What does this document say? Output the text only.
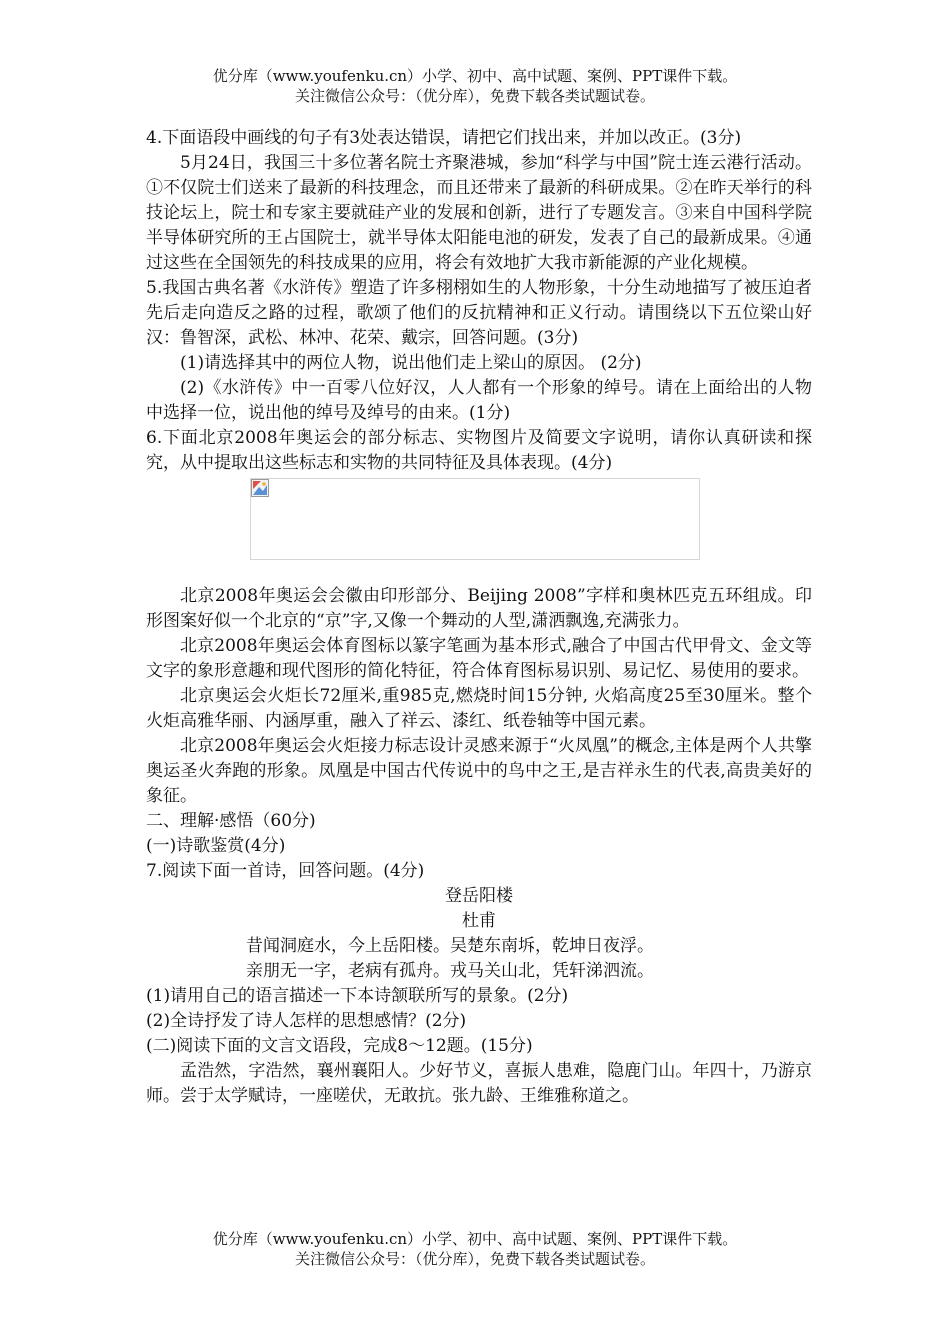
优分库（www.youfenku.cn）小学、初中、高中试题、案例、PPT课件下载。
关注微信公众号：（优分库），免费下载各类试题试卷。

4.下面语段中画线的句子有3处表达错误，请把它们找出来，并加以改正。(3分)

5月24日，我国三十多位著名院士齐聚港城，参加“科学与中国”院士连云港行活动。①不仅院士们送来了最新的科技理念，而且还带来了最新的科研成果。②在昨天举行的科技论坛上，院士和专家主要就硅产业的发展和创新，进行了专题发言。③来自中国科学院半导体研究所的王占国院士，就半导体太阳能电池的研发，发表了自己的最新成果。④通过这些在全国领先的科技成果的应用，将会有效地扩大我市新能源的产业化规模。

5.我国古典名著《水浒传》塑造了许多栩栩如生的人物形象，十分生动地描写了被压迫者先后走向造反之路的过程，歌颂了他们的反抗精神和正义行动。请围绕以下五位梁山好汉：鲁智深，武松、林冲、花荣、戴宗，回答问题。(3分)

(1)请选择其中的两位人物，说出他们走上梁山的原因。 (2分)

(2)《水浒传》中一百零八位好汉，人人都有一个形象的绰号。请在上面给出的人物中选择一位，说出他的绰号及绰号的由来。(1分)

6.下面北京2008年奥运会的部分标志、实物图片及简要文字说明，请你认真研读和探究，从中提取出这些标志和实物的共同特征及具体表现。(4分)

北京2008年奥运会会徽由印形部分、Beijing 2008”字样和奥林匹克五环组成。印形图案好似一个北京的“京”字,又像一个舞动的人型,潇洒飘逸,充满张力。

北京2008年奥运会体育图标以篆字笔画为基本形式,融合了中国古代甲骨文、金文等文字的象形意趣和现代图形的简化特征，符合体育图标易识别、易记忆、易使用的要求。

北京奥运会火炬长72厘米,重985克,燃烧时间15分钟, 火焰高度25至30厘米。整个火炬高雅华丽、内涵厚重，融入了祥云、漆红、纸卷轴等中国元素。

北京2008年奥运会火炬接力标志设计灵感来源于“火凤凰”的概念,主体是两个人共擎奥运圣火奔跑的形象。凤凰是中国古代传说中的鸟中之王,是吉祥永生的代表,高贵美好的象征。

二、理解·感悟（60分)

(一)诗歌鉴赏(4分)

7.阅读下面一首诗，回答问题。(4分)

登岳阳楼

杜甫

昔闻洞庭水，今上岳阳楼。吴楚东南坼，乾坤日夜浮。

亲朋无一字，老病有孤舟。戎马关山北，凭轩涕泗流。

(1)请用自己的语言描述一下本诗颔联所写的景象。(2分)

(2)全诗抒发了诗人怎样的思想感情？(2分)

(二)阅读下面的文言文语段，完成8～12题。(15分)

孟浩然，字浩然，襄州襄阳人。少好节义，喜振人患难，隐鹿门山。年四十，乃游京师。尝于太学赋诗，一座嗟伏，无敢抗。张九龄、王维雅称道之。

优分库（www.youfenku.cn）小学、初中、高中试题、案例、PPT课件下载。
关注微信公众号：（优分库），免费下载各类试题试卷。
